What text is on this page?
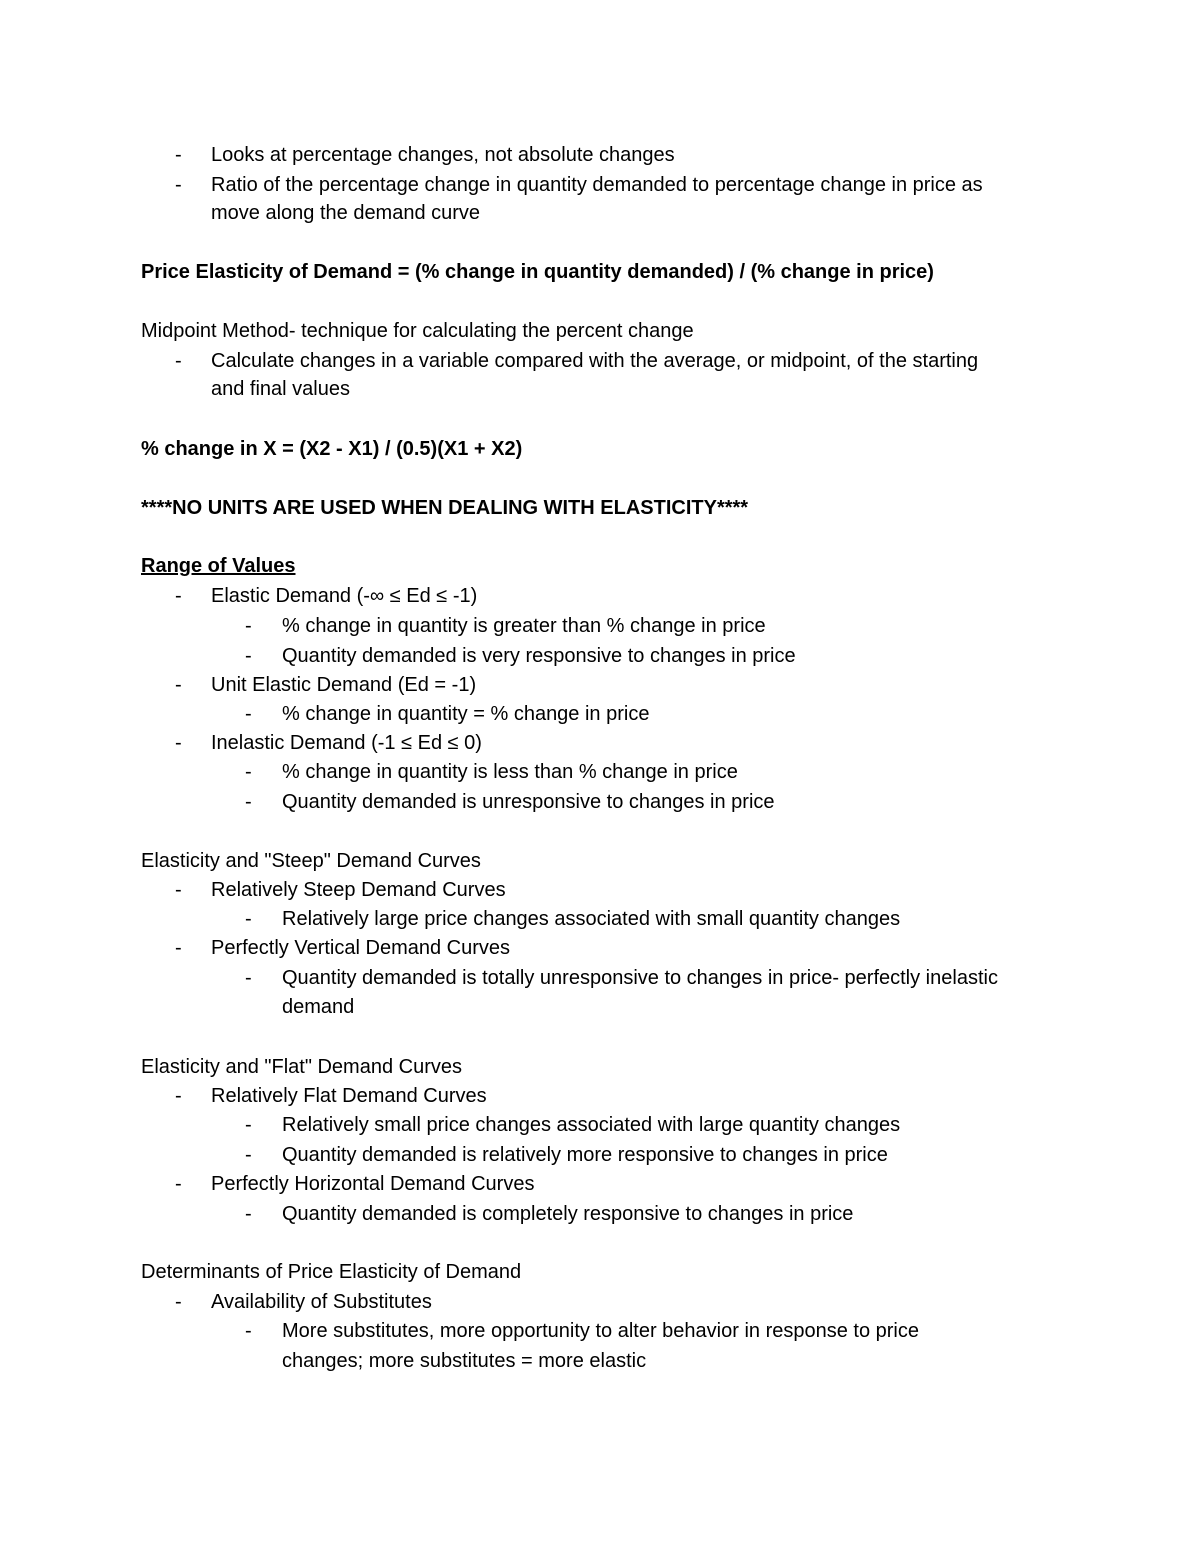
- Looks at percentage changes, not absolute changes
- Ratio of the percentage change in quantity demanded to percentage change in price as
move along the demand curve
Price Elasticity of Demand = (% change in quantity demanded) / (% change in price)
Midpoint Method- technique for calculating the percent change
- Calculate changes in a variable compared with the average, or midpoint, of the starting
and final values
% change in X = (X2 - X1) / (0.5)(X1 + X2)
****NO UNITS ARE USED WHEN DEALING WITH ELASTICITY****
Range of Values
- Elastic Demand (-∞ ≤ Ed ≤ -1)
- % change in quantity is greater than % change in price
- Quantity demanded is very responsive to changes in price
- Unit Elastic Demand (Ed = -1)
- % change in quantity = % change in price
- Inelastic Demand (-1 ≤ Ed ≤ 0)
- % change in quantity is less than % change in price
- Quantity demanded is unresponsive to changes in price
Elasticity and "Steep" Demand Curves
- Relatively Steep Demand Curves
- Relatively large price changes associated with small quantity changes
- Perfectly Vertical Demand Curves
- Quantity demanded is totally unresponsive to changes in price- perfectly inelastic
demand
Elasticity and "Flat" Demand Curves
- Relatively Flat Demand Curves
- Relatively small price changes associated with large quantity changes
- Quantity demanded is relatively more responsive to changes in price
- Perfectly Horizontal Demand Curves
- Quantity demanded is completely responsive to changes in price
Determinants of Price Elasticity of Demand
- Availability of Substitutes
- More substitutes, more opportunity to alter behavior in response to price
changes; more substitutes = more elastic
